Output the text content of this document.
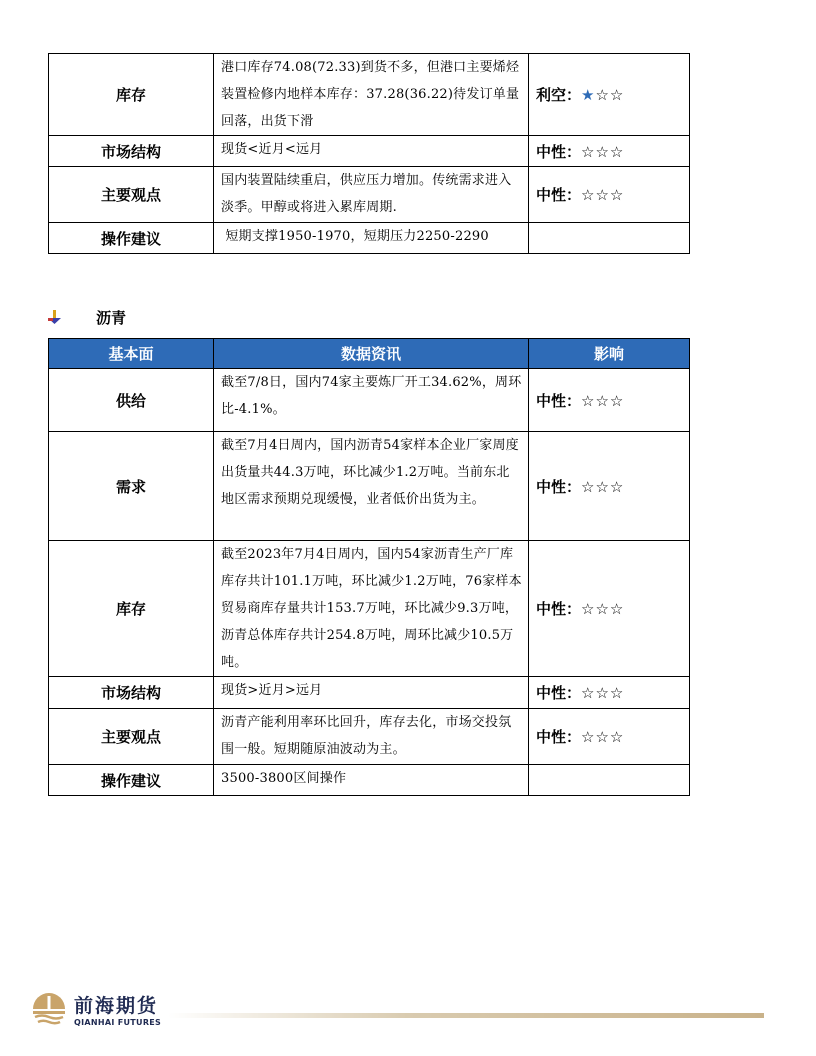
库存	港口库存74.08(72.33)到货不多，但港口主要烯烃装置检修内地样本库存：37.28(36.22)待发订单量回落，出货下滑	利空：★☆☆
市场结构	现货<近月<远月	中性：☆☆☆
主要观点	国内装置陆续重启，供应压力增加。传统需求进入淡季。甲醇或将进入累库周期.	中性：☆☆☆
操作建议	短期支撑1950-1970，短期压力2250-2290	
沥青
基本面	数据资讯	影响
供给	截至7/8日，国内74家主要炼厂开工34.62%，周环比-4.1%。	中性：☆☆☆
需求	截至7月4日周内，国内沥青54家样本企业厂家周度出货量共44.3万吨，环比减少1.2万吨。当前东北地区需求预期兑现缓慢，业者低价出货为主。	中性：☆☆☆
库存	截至2023年7月4日周内，国内54家沥青生产厂库库存共计101.1万吨，环比减少1.2万吨，76家样本贸易商库存量共计153.7万吨，环比减少9.3万吨，沥青总体库存共计254.8万吨，周环比减少10.5万吨。	中性：☆☆☆
市场结构	现货>近月>远月	中性：☆☆☆
主要观点	沥青产能利用率环比回升，库存去化，市场交投氛围一般。短期随原油波动为主。	中性：☆☆☆
操作建议	3500-3800区间操作	
前海期货
QIANHAI FUTURES
